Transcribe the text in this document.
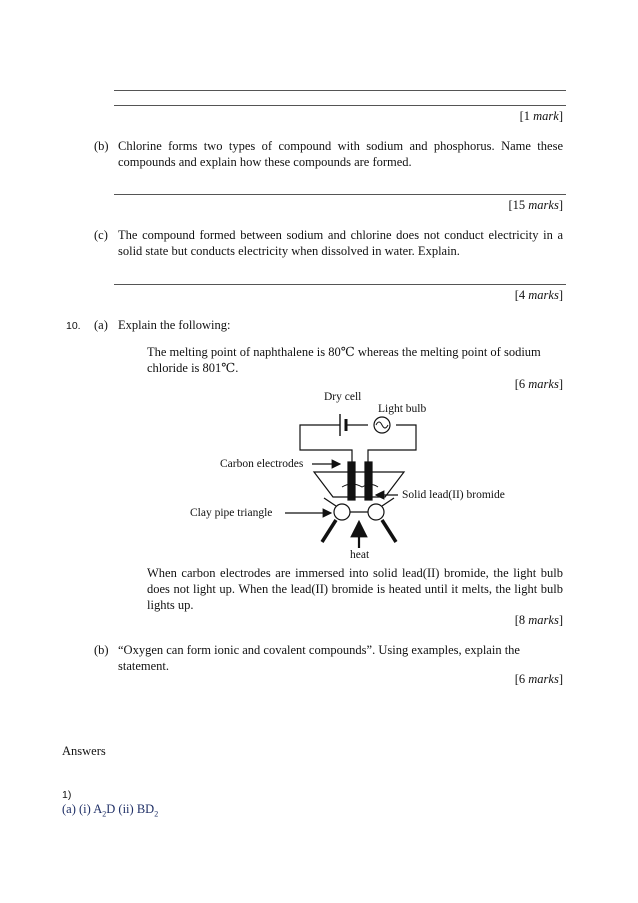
[1 mark]
(b) Chlorine forms two types of compound with sodium and phosphorus. Name these compounds and explain how these compounds are formed.
[15 marks]
(c) The compound formed between sodium and chlorine does not conduct electricity in a solid state but conducts electricity when dissolved in water. Explain.
[4 marks]
10. (a) Explain the following:
The melting point of naphthalene is 80℃ whereas the melting point of sodium chloride is 801℃.
[6 marks]
Dry cell
Light bulb
Carbon electrodes
Solid lead(II) bromide
Clay pipe triangle
heat
When carbon electrodes are immersed into solid lead(II) bromide, the light bulb does not light up. When the lead(II) bromide is heated until it melts, the light bulb lights up.
[8 marks]
(b) “Oxygen can form ionic and covalent compounds”. Using examples, explain the statement.
[6 marks]
Answers
1)
(a) (i) $A_2D$ (ii) $BD_2$
